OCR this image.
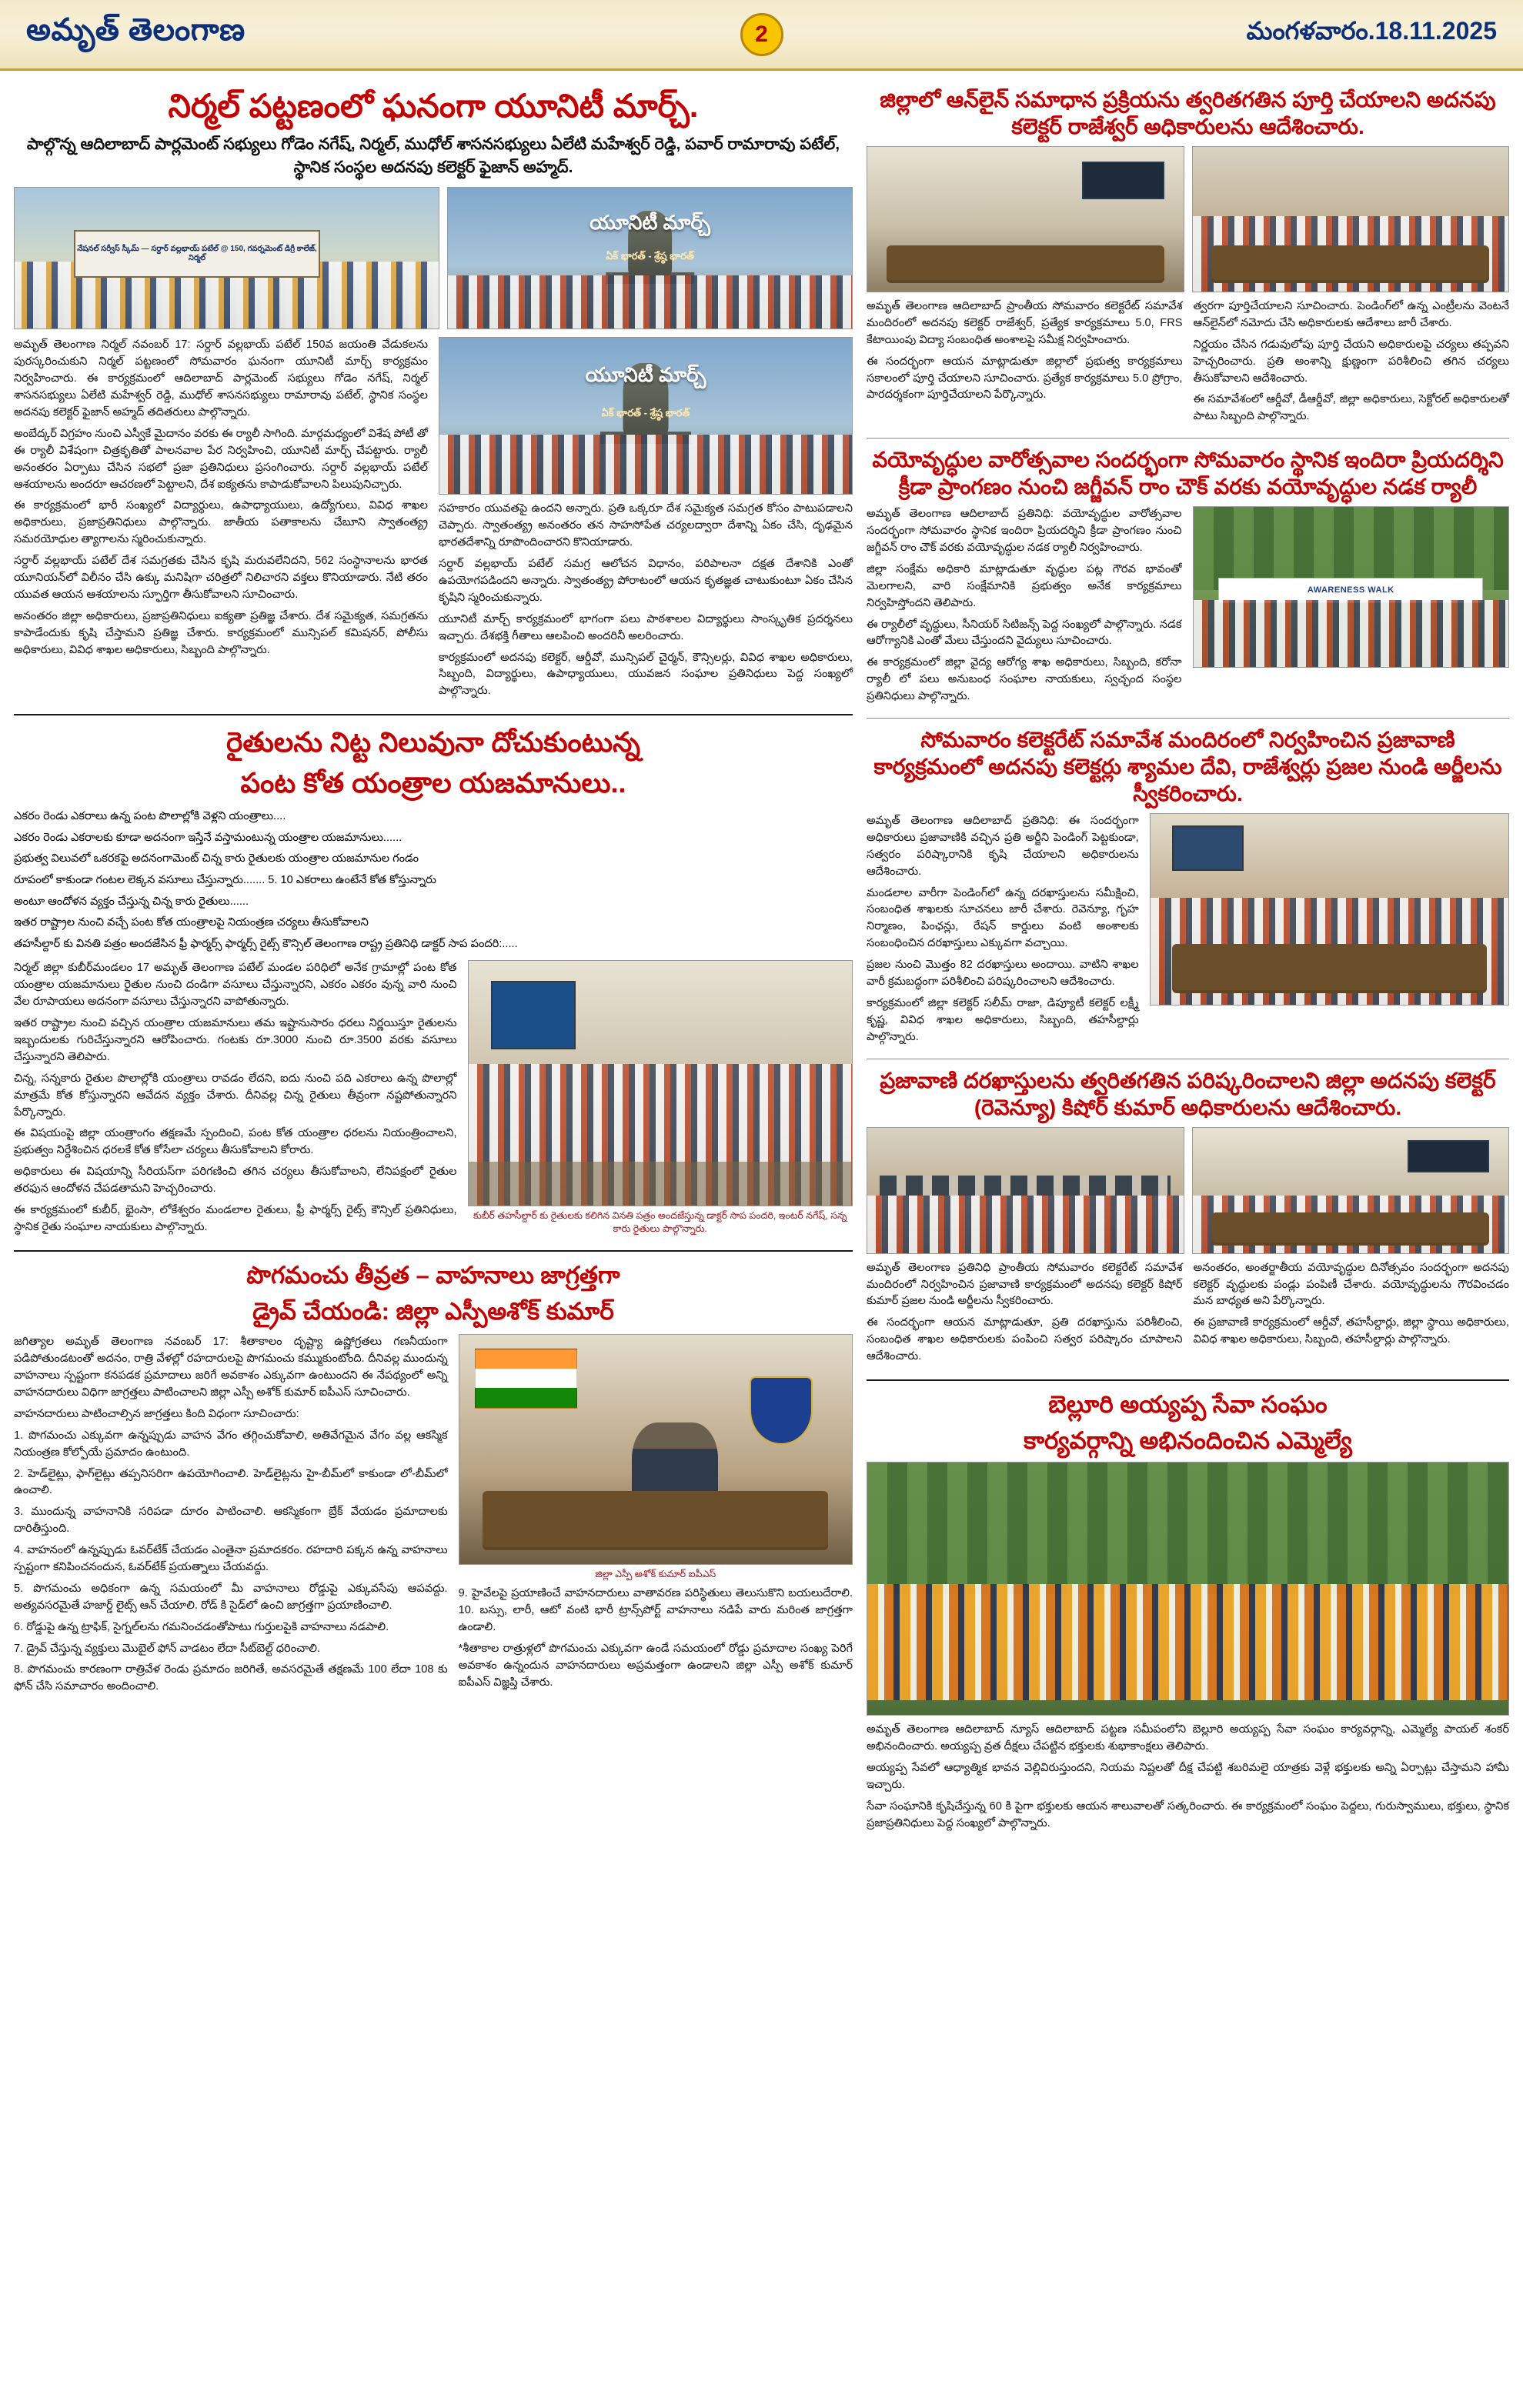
అమృత్ తెలంగాణ	2	మంగళవారం.18.11.2025
నిర్మల్ పట్టణంలో ఘనంగా యూనిటీ మార్చ్.
పాల్గొన్న ఆదిలాబాద్ పార్లమెంట్ సభ్యులు గోడెం నగేష్, నిర్మల్, ముధోల్ శాసనసభ్యులు ఏలేటి మహేశ్వర్ రెడ్డి, పవార్ రామారావు పటేల్, స్థానిక సంస్థల అదనపు కలెక్టర్ ఫైజాన్ అహ్మద్.
నేషనల్ సర్వీస్ స్కీమ్ — సర్దార్ వల్లభాయ్ పటేల్ @ 150, గవర్నమెంట్ డిగ్రీ కాలేజ్, నిర్మల్
యూనిటీ మార్చ్
ఏక్ భారత్ - శ్రేష్ఠ భారత్

అమృత్ తెలంగాణ నిర్మల్ నవంబర్ 17: సర్దార్ వల్లభాయ్ పటేల్ 150వ జయంతి వేడుకలను పురస్కరించుకుని నిర్మల్ పట్టణంలో సోమవారం ఘనంగా యూనిటీ మార్చ్ కార్యక్రమం నిర్వహించారు. ఈ కార్యక్రమంలో ఆదిలాబాద్ పార్లమెంట్ సభ్యులు గోడెం నగేష్, నిర్మల్ శాసనసభ్యులు ఏలేటి మహేశ్వర్ రెడ్డి, ముధోల్ శాసనసభ్యులు రామారావు పటేల్, స్థానిక సంస్థల అదనపు కలెక్టర్ ఫైజాన్ అహ్మద్ తదితరులు పాల్గొన్నారు.

అంబేద్కర్ విగ్రహం నుంచి ఎస్వీకే మైదానం వరకు ఈ ర్యాలీ సాగింది. మార్గమధ్యంలో విశేష పోటీ తో ఈ ర్యాలీ విశేషంగా చిత్రకృతితో పాలనవాల పేర నిర్వహించి, యూనిటీ మార్చ్ చేపట్టారు. ర్యాలీ అనంతరం ఏర్పాటు చేసిన సభలో ప్రజా ప్రతినిధులు ప్రసంగించారు. సర్దార్ వల్లభాయ్ పటేల్ ఆశయాలను అందరూ ఆచరణలో పెట్టాలని, దేశ ఐక్యతను కాపాడుకోవాలని పిలుపునిచ్చారు.

ఈ కార్యక్రమంలో భారీ సంఖ్యలో విద్యార్థులు, ఉపాధ్యాయులు, ఉద్యోగులు, వివిధ శాఖల అధికారులు, ప్రజాప్రతినిధులు పాల్గొన్నారు. జాతీయ పతాకాలను చేబూని స్వాతంత్య్ర సమరయోధుల త్యాగాలను స్మరించుకున్నారు.

సర్దార్ వల్లభాయ్ పటేల్ దేశ సమగ్రతకు చేసిన కృషి మరువలేనిదని, 562 సంస్థానాలను భారత యూనియన్‌లో విలీనం చేసి ఉక్కు మనిషిగా చరిత్రలో నిలిచారని వక్తలు కొనియాడారు. నేటి తరం యువత ఆయన ఆశయాలను స్ఫూర్తిగా తీసుకోవాలని సూచించారు.

అనంతరం జిల్లా అధికారులు, ప్రజాప్రతినిధులు ఐక్యతా ప్రతిజ్ఞ చేశారు. దేశ సమైక్యత, సమగ్రతను కాపాడేందుకు కృషి చేస్తామని ప్రతిజ్ఞ చేశారు. కార్యక్రమంలో మున్సిపల్ కమిషనర్, పోలీసు అధికారులు, వివిధ శాఖల అధికారులు, సిబ్బంది పాల్గొన్నారు.

యూనిటీ మార్చ్
ఏక్ భారత్ - శ్రేష్ఠ భారత్

సహకారం యువతపై ఉందని అన్నారు. ప్రతి ఒక్కరూ దేశ సమైక్యత సమగ్రత కోసం పాటుపడాలని చెప్పారు. స్వాతంత్య్ర అనంతరం తన సాహసోపేత చర్యలద్వారా దేశాన్ని ఏకం చేసి, దృఢమైన భారతదేశాన్ని రూపొందించారని కొనియాడారు.

సర్దార్ వల్లభాయ్ పటేల్ సమగ్ర ఆలోచన విధానం, పరిపాలనా దక్షత దేశానికి ఎంతో ఉపయోగపడిందని అన్నారు. స్వాతంత్య్ర పోరాటంలో ఆయన కృతజ్ఞత చాటుకుంటూ ఏకం చేసిన కృషిని స్మరించుకున్నారు.

యూనిటీ మార్చ్ కార్యక్రమంలో భాగంగా పలు పాఠశాలల విద్యార్థులు సాంస్కృతిక ప్రదర్శనలు ఇచ్చారు. దేశభక్తి గీతాలు ఆలపించి అందరినీ అలరించారు.

కార్యక్రమంలో అదనపు కలెక్టర్, ఆర్డీవో, మున్సిపల్ చైర్మన్, కౌన్సిలర్లు, వివిధ శాఖల అధికారులు, సిబ్బంది, విద్యార్థులు, ఉపాధ్యాయులు, యువజన సంఘాల ప్రతినిధులు పెద్ద సంఖ్యలో పాల్గొన్నారు.

రైతులను నిట్ట నిలువునా దోచుకుంటున్న
పంట కోత యంత్రాల యజమానులు..

ఎకరం రెండు ఎకరాలు ఉన్న పంట పొలాల్లోకి వెళ్లని యంత్రాలు....

ఎకరం రెండు ఎకరాలకు కూడా అదనంగా ఇస్తేనే వస్తామంటున్న యంత్రాల యజమానులు......

ప్రభుత్వ విలువలో ఒకరకపై అదనంగామెంట్ చిన్న కారు రైతులకు యంత్రాల యజమానుల గండం

రూపంలో కాకుండా గంటల లెక్కన వసూలు చేస్తున్నారు....... 5. 10 ఎకరాలు ఉంటేనే కోత కోస్తున్నారు

అంటూ ఆందోళన వ్యక్తం చేస్తున్న చిన్న కారు రైతులు......

ఇతర రాష్ట్రాల నుంచి వచ్చే పంట కోత యంత్రాలపై నియంత్రణ చర్యలు తీసుకోవాలని

తహసీల్దార్ కు వినతి పత్రం అందజేసిన ఫ్రీ ఫార్మర్స్ ఫార్మర్స్ రైట్స్ కౌన్సిల్ తెలంగాణ రాష్ట్ర ప్రతినిధి డాక్టర్ సాప పందరి:.....

నిర్మల్ జిల్లా కుబీర్‌మండలం 17 అమృత్ తెలంగాణ పటేల్ మండల పరిధిలో అనేక గ్రామాల్లో పంట కోత యంత్రాల యజమానులు రైతుల నుంచి దండిగా వసూలు చేస్తున్నారని, ఎకరం ఎకరం వున్న వారి నుంచి వేల రూపాయలు అదనంగా వసూలు చేస్తున్నారని వాపోతున్నారు.

ఇతర రాష్ట్రాల నుంచి వచ్చిన యంత్రాల యజమానులు తమ ఇష్టానుసారం ధరలు నిర్ణయిస్తూ రైతులను ఇబ్బందులకు గురిచేస్తున్నారని ఆరోపించారు. గంటకు రూ.3000 నుంచి రూ.3500 వరకు వసూలు చేస్తున్నారని తెలిపారు.

చిన్న, సన్నకారు రైతుల పొలాల్లోకి యంత్రాలు రావడం లేదని, ఐదు నుంచి పది ఎకరాలు ఉన్న పొలాల్లో మాత్రమే కోత కోస్తున్నారని ఆవేదన వ్యక్తం చేశారు. దీనివల్ల చిన్న రైతులు తీవ్రంగా నష్టపోతున్నారని పేర్కొన్నారు.

ఈ విషయంపై జిల్లా యంత్రాంగం తక్షణమే స్పందించి, పంట కోత యంత్రాల ధరలను నియంత్రించాలని, ప్రభుత్వం నిర్దేశించిన ధరలకే కోత కోసేలా చర్యలు తీసుకోవాలని కోరారు.

అధికారులు ఈ విషయాన్ని సీరియస్‌గా పరిగణించి తగిన చర్యలు తీసుకోవాలని, లేనిపక్షంలో రైతుల తరఫున ఆందోళన చేపడతామని హెచ్చరించారు.

ఈ కార్యక్రమంలో కుబీర్, భైంసా, లోకేశ్వరం మండలాల రైతులు, ఫ్రీ ఫార్మర్స్ రైట్స్ కౌన్సిల్ ప్రతినిధులు, స్థానిక రైతు సంఘాల నాయకులు పాల్గొన్నారు.

కుబీర్ తహసీల్దార్ కు రైతులకు కలిగిన వినతి పత్రం అందజేస్తున్న డాక్టర్ సాప పందరి, ఇంటర్ నగేష్, సన్న కారు రైతులు పాల్గొన్నారు.
పొగమంచు తీవ్రత – వాహనాలు జాగ్రత్తగా
డ్రైవ్ చేయండి: జిల్లా ఎస్పీఅశోక్ కుమార్

జగిత్యాల అమృత్ తెలంగాణ నవంబర్ 17: శీతాకాలం దృష్ట్యా ఉష్ణోగ్రతలు గణనీయంగా పడిపోతుండటంతో అదనం, రాత్రి వేళల్లో రహదారులపై పొగమంచు కమ్ముకుంటోంది. దీనివల్ల ముందున్న వాహనాలు స్పష్టంగా కనపడక ప్రమాదాలు జరిగే అవకాశం ఎక్కువగా ఉంటుందని ఈ నేపథ్యంలో అన్ని వాహనదారులు విధిగా జాగ్రత్తలు పాటించాలని జిల్లా ఎస్పీ అశోక్ కుమార్ ఐపీఎస్ సూచించారు.

వాహనదారులు పాటించాల్సిన జాగ్రత్తలు కింది విధంగా సూచించారు:

1. పొగమంచు ఎక్కువగా ఉన్నప్పుడు వాహన వేగం తగ్గించుకోవాలి, అతివేగమైన వేగం వల్ల ఆకస్మిక నియంత్రణ కోల్పోయే ప్రమాదం ఉంటుంది.

2. హెడ్‌లైట్లు, ఫాగ్‌లైట్లు తప్పనిసరిగా ఉపయోగించాలి. హెడ్‌లైట్లను హై-బీమ్‌లో కాకుండా లో-బీమ్‌లో ఉంచాలి.

3. ముందున్న వాహనానికి సరిపడా దూరం పాటించాలి. ఆకస్మికంగా బ్రేక్ వేయడం ప్రమాదాలకు దారితీస్తుంది.

4. వాహనంలో ఉన్నప్పుడు ఓవర్‌టేక్ చేయడం ఎంతైనా ప్రమాదకరం. రహదారి పక్కన ఉన్న వాహనాలు స్పష్టంగా కనిపించనందున, ఓవర్‌టేక్ ప్రయత్నాలు చేయవద్దు.

5. పొగమంచు అధికంగా ఉన్న సమయంలో మీ వాహనాలు రోడ్డుపై ఎక్కువసేపు ఆపవద్దు. అత్యవసరమైతే హజార్డ్ లైట్స్ ఆన్ చేయాలి. రోడ్ కి సైడ్‌లో ఉంచి జాగ్రత్తగా ప్రయాణించాలి.

6. రోడ్డుపై ఉన్న ట్రాఫిక్, సైగ్నల్‌లను గమనించడంతోపాటు గుర్తులపైకి వాహనాలు నడపాలి.

7. డ్రైవ్ చేస్తున్న వ్యక్తులు మొబైల్ ఫోన్ వాడటం లేదా సీట్‌బెల్ట్ ధరించాలి.

8. పొగమంచు కారణంగా రాత్రివేళ రెండు ప్రమాదం జరిగితే, అవసరమైతే తక్షణమే 100 లేదా 108 కు ఫోన్ చేసి సమాచారం అందించాలి.

జిల్లా ఎస్పీ అశోక్ కుమార్ ఐపీఎస్

9. హైవేలపై ప్రయాణించే వాహనదారులు వాతావరణ పరిస్థితులు తెలుసుకొని బయలుదేరాలి. 10. బస్సు, లారీ, ఆటో వంటి భారీ ట్రాన్స్‌పోర్ట్ వాహనాలు నడిపే వారు మరింత జాగ్రత్తగా ఉండాలి.

*శీతాకాల రాత్రుళ్లలో పొగమంచు ఎక్కువగా ఉండే సమయంలో రోడ్డు ప్రమాదాల సంఖ్య పెరిగే అవకాశం ఉన్నందున వాహనదారులు అప్రమత్తంగా ఉండాలని జిల్లా ఎస్పీ అశోక్ కుమార్ ఐపీఎస్ విజ్ఞప్తి చేశారు.

జిల్లాలో ఆన్‌లైన్ సమాధాన ప్రక్రియను త్వరితగతిన పూర్తి చేయాలని అదనపు కలెక్టర్ రాజేశ్వర్ అధికారులను ఆదేశించారు.

అమృత్ తెలంగాణ ఆదిలాబాద్ ప్రాంతీయ సోమవారం కలెక్టరేట్ సమావేశ మందిరంలో అదనపు కలెక్టర్ రాజేశ్వర్, ప్రత్యేక కార్యక్రమాలు 5.0, FRS కేటాయింపు విద్యా సంబంధిత అంశాలపై సమీక్ష నిర్వహించారు.

ఈ సందర్భంగా ఆయన మాట్లాడుతూ జిల్లాలో ప్రభుత్వ కార్యక్రమాలు సకాలంలో పూర్తి చేయాలని సూచించారు. ప్రత్యేక కార్యక్రమాలు 5.0 ప్రోగ్రాం, పారదర్శకంగా పూర్తిచేయాలని పేర్కొన్నారు.

త్వరగా పూర్తిచేయాలని సూచించారు. పెండింగ్‌లో ఉన్న ఎంట్రీలను వెంటనే ఆన్‌లైన్‌లో నమోదు చేసి అధికారులకు ఆదేశాలు జారీ చేశారు.

నిర్ణయం చేసిన గడువులోపు పూర్తి చేయని అధికారులపై చర్యలు తప్పవని హెచ్చరించారు. ప్రతి అంశాన్ని క్షుణ్ణంగా పరిశీలించి తగిన చర్యలు తీసుకోవాలని ఆదేశించారు.

ఈ సమావేశంలో ఆర్డీవో, డీఆర్డీవో, జిల్లా అధికారులు, సెక్టోరల్ అధికారులతో పాటు సిబ్బంది పాల్గొన్నారు.

వయోవృద్ధుల వారోత్సవాల సందర్భంగా సోమవారం స్థానిక ఇందిరా ప్రియదర్శిని క్రీడా ప్రాంగణం నుంచి జగ్జీవన్ రాం చౌక్ వరకు వయోవృద్ధుల నడక ర్యాలీ

అమృత్ తెలంగాణ ఆదిలాబాద్ ప్రతినిధి: వయోవృద్ధుల వారోత్సవాల సందర్భంగా సోమవారం స్థానిక ఇందిరా ప్రియదర్శిని క్రీడా ప్రాంగణం నుంచి జగ్జీవన్ రాం చౌక్ వరకు వయోవృద్ధుల నడక ర్యాలీ నిర్వహించారు.

జిల్లా సంక్షేమ అధికారి మాట్లాడుతూ వృద్ధుల పట్ల గౌరవ భావంతో మెలగాలని, వారి సంక్షేమానికి ప్రభుత్వం అనేక కార్యక్రమాలు నిర్వహిస్తోందని తెలిపారు.

ఈ ర్యాలీలో వృద్ధులు, సీనియర్ సిటిజన్స్ పెద్ద సంఖ్యలో పాల్గొన్నారు. నడక ఆరోగ్యానికి ఎంతో మేలు చేస్తుందని వైద్యులు సూచించారు.

ఈ కార్యక్రమంలో జిల్లా వైద్య ఆరోగ్య శాఖ అధికారులు, సిబ్బంది, కరోనా ర్యాలీ లో పలు అనుబంధ సంఘాల నాయకులు, స్వచ్ఛంద సంస్థల ప్రతినిధులు పాల్గొన్నారు.

AWARENESS WALK
సోమవారం కలెక్టరేట్ సమావేశ మందిరంలో నిర్వహించిన ప్రజావాణి కార్యక్రమంలో అదనపు కలెక్టర్లు శ్యామల దేవి, రాజేశ్వర్లు ప్రజల నుండి అర్జీలను స్వీకరించారు.

అమృత్ తెలంగాణ ఆదిలాబాద్ ప్రతినిధి: ఈ సందర్భంగా అధికారులు ప్రజావాణికి వచ్చిన ప్రతి అర్జీని పెండింగ్ పెట్టకుండా, సత్వరం పరిష్కారానికి కృషి చేయాలని అధికారులను ఆదేశించారు.

మండలాల వారీగా పెండింగ్‌లో ఉన్న దరఖాస్తులను సమీక్షించి, సంబంధిత శాఖలకు సూచనలు జారీ చేశారు. రెవెన్యూ, గృహ నిర్మాణం, పింఛన్లు, రేషన్ కార్డులు వంటి అంశాలకు సంబంధించిన దరఖాస్తులు ఎక్కువగా వచ్చాయి.

ప్రజల నుంచి మొత్తం 82 దరఖాస్తులు అందాయి. వాటిని శాఖల వారీ క్రమబద్ధంగా పరిశీలించి పరిష్కరించాలని ఆదేశించారు.

కార్యక్రమంలో జిల్లా కలెక్టర్ సలీమ్ రాజా, డిప్యూటీ కలెక్టర్ లక్ష్మీ కృష్ణ, వివిధ శాఖల అధికారులు, సిబ్బంది, తహసీల్దార్లు పాల్గొన్నారు.

ప్రజావాణి దరఖాస్తులను త్వరితగతిన పరిష్కరించాలని జిల్లా అదనపు కలెక్టర్ (రెవెన్యూ) కిషోర్ కుమార్ అధికారులను ఆదేశించారు.

అమృత్ తెలంగాణ ప్రతినిధి ప్రాంతీయ సోమవారం కలెక్టరేట్ సమావేశ మందిరంలో నిర్వహించిన ప్రజావాణి కార్యక్రమంలో అదనపు కలెక్టర్ కిషోర్ కుమార్ ప్రజల నుండి అర్జీలను స్వీకరించారు.

ఈ సందర్భంగా ఆయన మాట్లాడుతూ, ప్రతి దరఖాస్తును పరిశీలించి, సంబంధిత శాఖల అధికారులకు పంపించి సత్వర పరిష్కారం చూపాలని ఆదేశించారు.

అనంతరం, అంతర్జాతీయ వయోవృద్ధుల దినోత్సవం సందర్భంగా అదనపు కలెక్టర్ వృద్ధులకు పండ్లు పంపిణీ చేశారు. వయోవృద్ధులను గౌరవించడం మన బాధ్యత అని పేర్కొన్నారు.

ఈ ప్రజావాణి కార్యక్రమంలో ఆర్డీవో, తహసీల్దార్లు, జిల్లా స్థాయి అధికారులు, వివిధ శాఖల అధికారులు, సిబ్బంది, తహసీల్దార్లు పాల్గొన్నారు.

బెల్లూరి అయ్యప్ప సేవా సంఘం
కార్యవర్గాన్ని అభినందించిన ఎమ్మెల్యే

అమృత్ తెలంగాణ ఆదిలాబాద్ న్యూస్ ఆదిలాబాద్ పట్టణ సమీపంలోని బెల్లూరి అయ్యప్ప సేవా సంఘం కార్యవర్గాన్ని, ఎమ్మెల్యే పాయల్ శంకర్ అభినందించారు. అయ్యప్ప వ్రత దీక్షలు చేపట్టిన భక్తులకు శుభాకాంక్షలు తెలిపారు.

అయ్యప్ప సేవలో ఆధ్యాత్మిక భావన వెల్లివిరుస్తుందని, నియమ నిష్టలతో దీక్ష చేపట్టి శబరిమలై యాత్రకు వెళ్లే భక్తులకు అన్ని ఏర్పాట్లు చేస్తామని హామీ ఇచ్చారు.

సేవా సంఘానికి కృషిచేస్తున్న 60 కి పైగా భక్తులకు ఆయన శాలువాలతో సత్కరించారు. ఈ కార్యక్రమంలో సంఘం పెద్దలు, గురుస్వాములు, భక్తులు, స్థానిక ప్రజాప్రతినిధులు పెద్ద సంఖ్యలో పాల్గొన్నారు.
